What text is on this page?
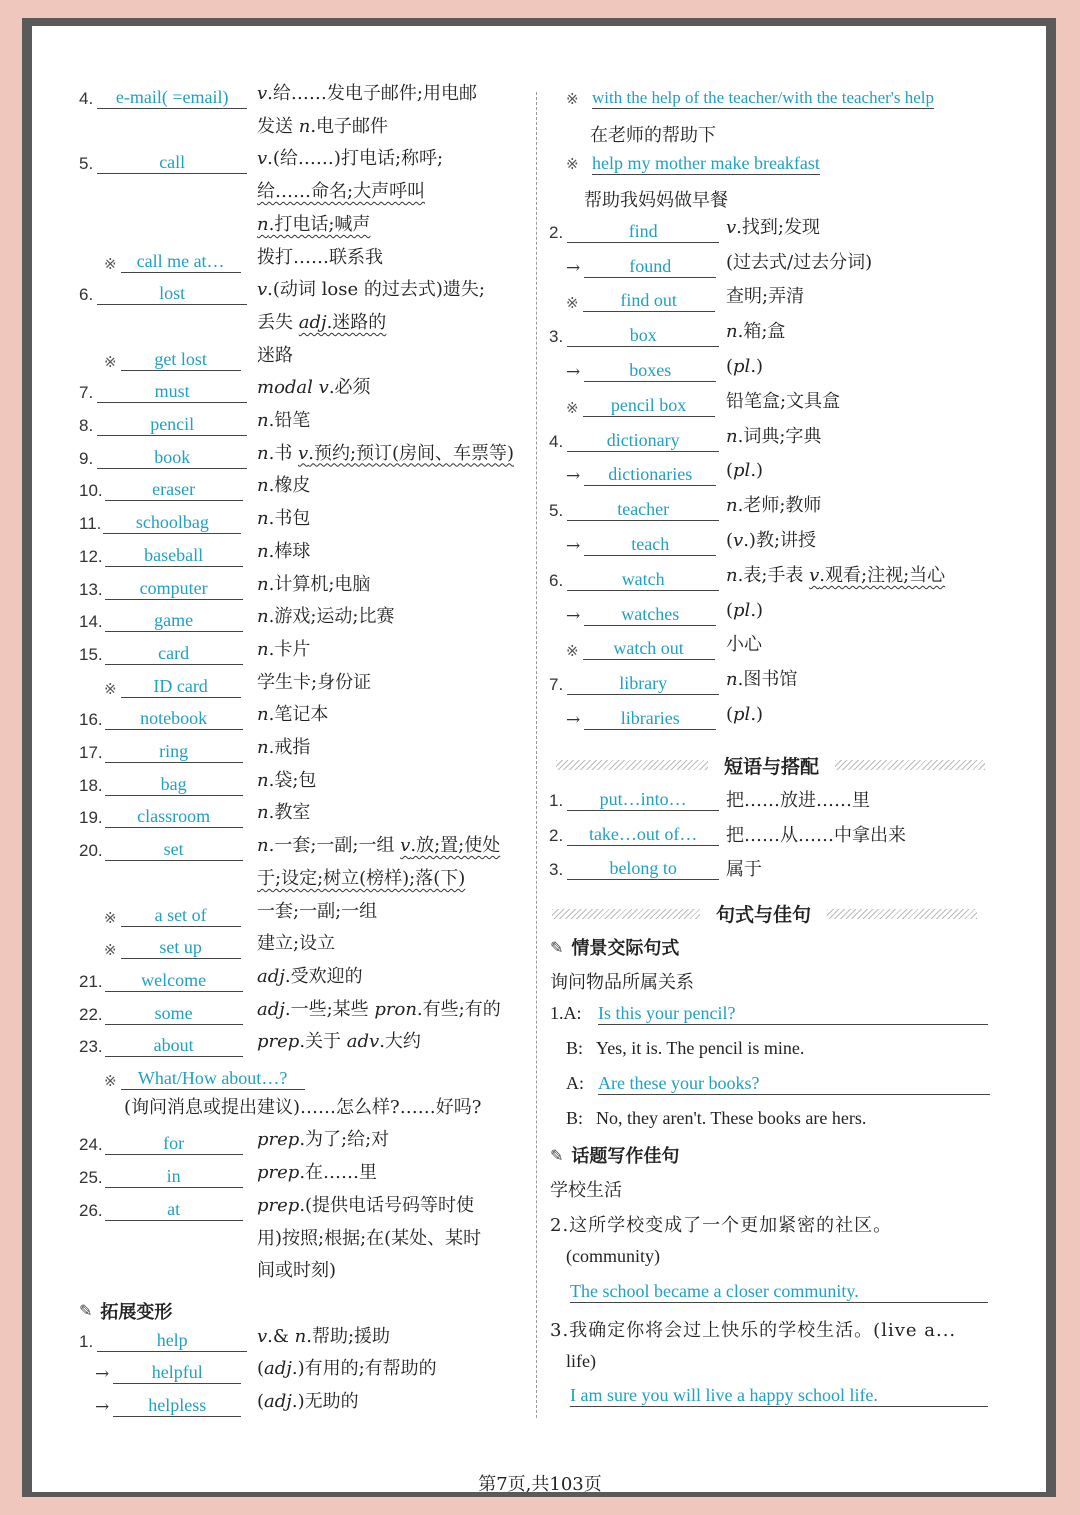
4.	e-mail( =email)	v.给……发电子邮件;用电邮
发送 n.电子邮件
5.	call	v.(给……)打电话;称呼;
给……命名;大声呼叫
n.打电话;喊声
※	call me at…	拨打……联系我
6.	lost	v.(动词 lose 的过去式)遗失;
丢失 adj.迷路的
※	get lost	迷路
7.	must	modal v.必须
8.	pencil	n.铅笔
9.	book	n.书 v.预约;预订(房间、车票等)
10.	eraser	n.橡皮
11.	schoolbag	n.书包
12.	baseball	n.棒球
13.	computer	n.计算机;电脑
14.	game	n.游戏;运动;比赛
15.	card	n.卡片
※	ID card	学生卡;身份证
16.	notebook	n.笔记本
17.	ring	n.戒指
18.	bag	n.袋;包
19.	classroom	n.教室
20.	set	n.一套;一副;一组 v.放;置;使处
于;设定;树立(榜样);落(下)
※	a set of	一套;一副;一组
※	set up	建立;设立
21.	welcome	adj.受欢迎的
22.	some	adj.一些;某些 pron.有些;有的
23.	about	prep.关于 adv.大约
※	What/How about…?
(询问消息或提出建议)……怎么样?……好吗?
24.	for	prep.为了;给;对
25.	in	prep.在……里
26.	at	prep.(提供电话号码等时使
用)按照;根据;在(某处、某时
间或时刻)
✎ 拓展变形
1.	help	v.& n.帮助;援助
→	helpful	(adj.)有用的;有帮助的
→	helpless	(adj.)无助的
※ with the help of the teacher/with the teacher's help
在老师的帮助下
※ help my mother make breakfast
帮助我妈妈做早餐
2.	find	v.找到;发现
→	found	(过去式/过去分词)
※	find out	查明;弄清
3.	box	n.箱;盒
→	boxes	(pl.)
※	pencil box	铅笔盒;文具盒
4.	dictionary	n.词典;字典
→	dictionaries	(pl.)
5.	teacher	n.老师;教师
→	teach	(v.)教;讲授
6.	watch	n.表;手表 v.观看;注视;当心
→	watches	(pl.)
※	watch out	小心
7.	library	n.图书馆
→	libraries	(pl.)
短语与搭配
1.	put…into…	把……放进……里
2.	take…out of…	把……从……中拿出来
3.	belong to	属于
句式与佳句
✎ 情景交际句式
询问物品所属关系
1.A: Is this your pencil?
B: Yes, it is. The pencil is mine.
A: Are these your books?
B: No, they aren't. These books are hers.
✎ 话题写作佳句
学校生活
2.这所学校变成了一个更加紧密的社区。
(community)
The school became a closer community.
3.我确定你将会过上快乐的学校生活。(live a...
life)
I am sure you will live a happy school life.
第7页,共103页
